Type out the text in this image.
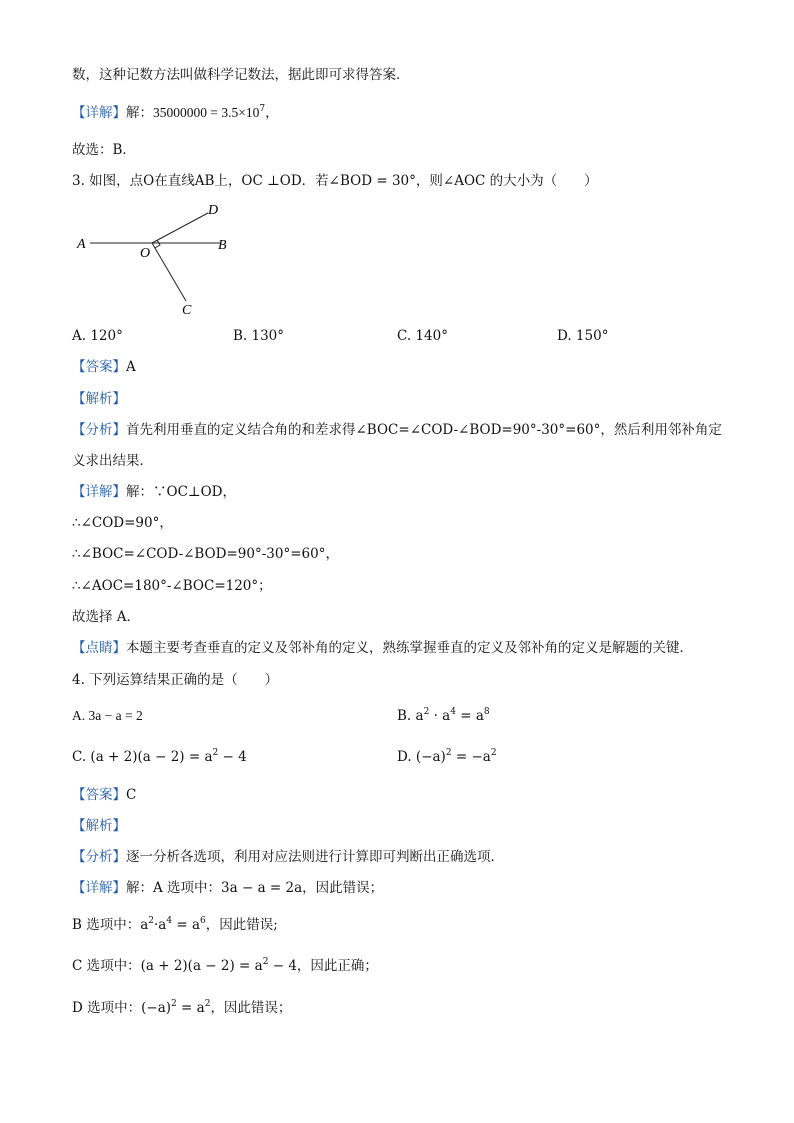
数，这种记数方法叫做科学记数法，据此即可求得答案．
【详解】解：$35000000 = 3.5\times 10^7$，
故选：B．
3. 如图，点O在直线AB上，OC ⊥OD．若∠BOD = 30°，则∠AOC 的大小为（　　）
A	B
D
O
C
A. 120°	B. 130°	C. 140°	D. 150°
【答案】A
【解析】
【分析】首先利用垂直的定义结合角的和差求得∠BOC=∠COD-∠BOD=90°-30°=60°，然后利用邻补角定
义求出结果．
【详解】解：∵OC⊥OD，
∴∠COD=90°，
∴∠BOC=∠COD-∠BOD=90°-30°=60°，
∴∠AOC=180°-∠BOC=120°；
故选择 A．
【点睛】本题主要考查垂直的定义及邻补角的定义，熟练掌握垂直的定义及邻补角的定义是解题的关键．
4. 下列运算结果正确的是（　　）
A. 3a − a = 2	B. $a^2 \cdot a^4 = a^8$
C. $(a + 2)(a - 2) = a^2 - 4$	D. $(-a)^2 = -a^2$
【答案】C
【解析】
【分析】逐一分析各选项，利用对应法则进行计算即可判断出正确选项．
【详解】解：A 选项中：3a − a = 2a，因此错误；
B 选项中：$a^2\cdot a^4 = a^6$，因此错误;
C 选项中：$(a + 2)(a - 2) = a^2 - 4$，因此正确；
D 选项中：$(-a)^2 = a^2$，因此错误；
